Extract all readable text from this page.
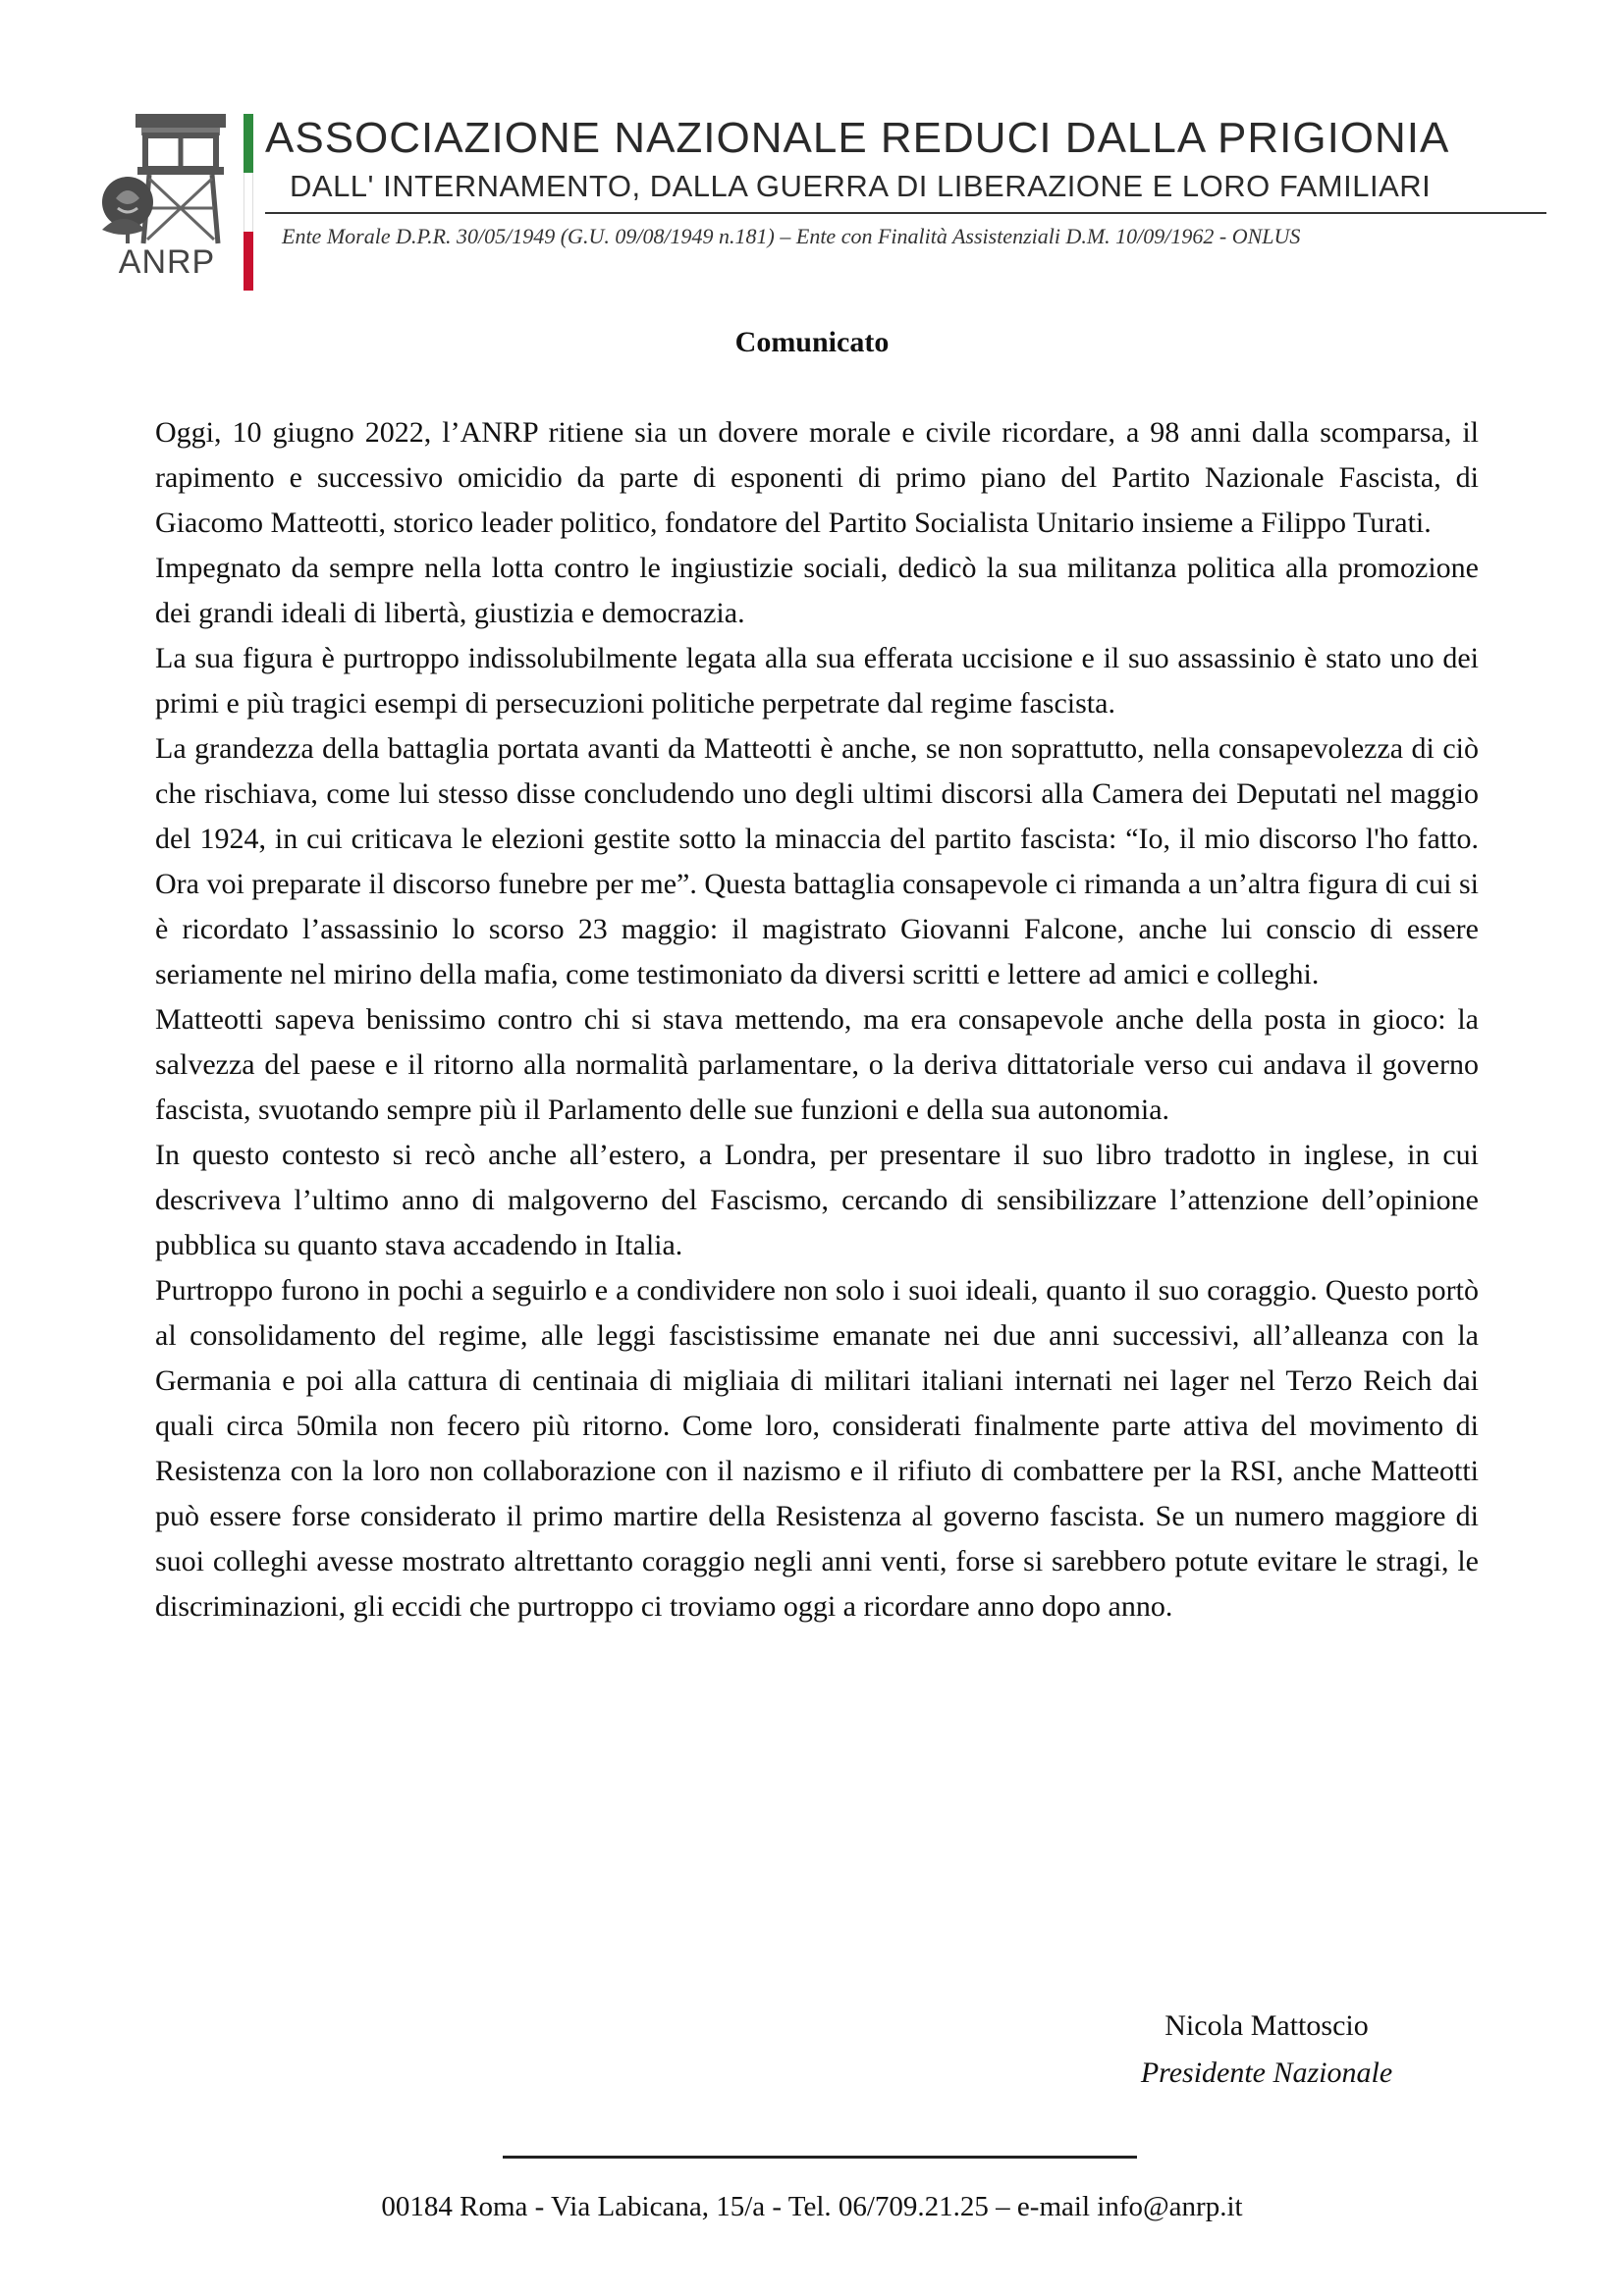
ANRP
ASSOCIAZIONE NAZIONALE REDUCI DALLA PRIGIONIA
DALL' INTERNAMENTO, DALLA GUERRA DI LIBERAZIONE E LORO FAMILIARI
Ente Morale D.P.R. 30/05/1949 (G.U. 09/08/1949 n.181) – Ente con Finalità Assistenziali D.M. 10/09/1962 - ONLUS
Comunicato

Oggi, 10 giugno 2022, l’ANRP ritiene sia un dovere morale e civile ricordare, a 98 anni dalla scomparsa, il rapimento e successivo omicidio da parte di esponenti di primo piano del Partito Nazionale Fascista, di Giacomo Matteotti, storico leader politico, fondatore del Partito Socialista Unitario insieme a Filippo Turati.

Impegnato da sempre nella lotta contro le ingiustizie sociali, dedicò la sua militanza politica alla promozione dei grandi ideali di libertà, giustizia e democrazia.

La sua figura è purtroppo indissolubilmente legata alla sua efferata uccisione e il suo assassinio è stato uno dei primi e più tragici esempi di persecuzioni politiche perpetrate dal regime fascista.

La grandezza della battaglia portata avanti da Matteotti è anche, se non soprattutto, nella consapevolezza di ciò che rischiava, come lui stesso disse concludendo uno degli ultimi discorsi alla Camera dei Deputati nel maggio del 1924, in cui criticava le elezioni gestite sotto la minaccia del partito fascista: “Io, il mio discorso l'ho fatto. Ora voi preparate il discorso funebre per me”. Questa battaglia consapevole ci rimanda a un’altra figura di cui si è ricordato l’assassinio lo scorso 23 maggio: il magistrato Giovanni Falcone, anche lui conscio di essere seriamente nel mirino della mafia, come testimoniato da diversi scritti e lettere ad amici e colleghi.

Matteotti sapeva benissimo contro chi si stava mettendo, ma era consapevole anche della posta in gioco: la salvezza del paese e il ritorno alla normalità parlamentare, o la deriva dittatoriale verso cui andava il governo fascista, svuotando sempre più il Parlamento delle sue funzioni e della sua autonomia.

In questo contesto si recò anche all’estero, a Londra, per presentare il suo libro tradotto in inglese, in cui descriveva l’ultimo anno di malgoverno del Fascismo, cercando di sensibilizzare l’attenzione dell’opinione pubblica su quanto stava accadendo in Italia.

Purtroppo furono in pochi a seguirlo e a condividere non solo i suoi ideali, quanto il suo coraggio. Questo portò al consolidamento del regime, alle leggi fascistissime emanate nei due anni successivi, all’alleanza con la Germania e poi alla cattura di centinaia di migliaia di militari italiani internati nei lager nel Terzo Reich dai quali circa 50mila non fecero più ritorno. Come loro, considerati finalmente parte attiva del movimento di Resistenza con la loro non collaborazione con il nazismo e il rifiuto di combattere per la RSI, anche Matteotti può essere forse considerato il primo martire della Resistenza al governo fascista. Se un numero maggiore di suoi colleghi avesse mostrato altrettanto coraggio negli anni venti, forse si sarebbero potute evitare le stragi, le discriminazioni, gli eccidi che purtroppo ci troviamo oggi a ricordare anno dopo anno.

Nicola Mattoscio
Presidente Nazionale
00184 Roma - Via Labicana, 15/a - Tel. 06/709.21.25 – e-mail info@anrp.it
